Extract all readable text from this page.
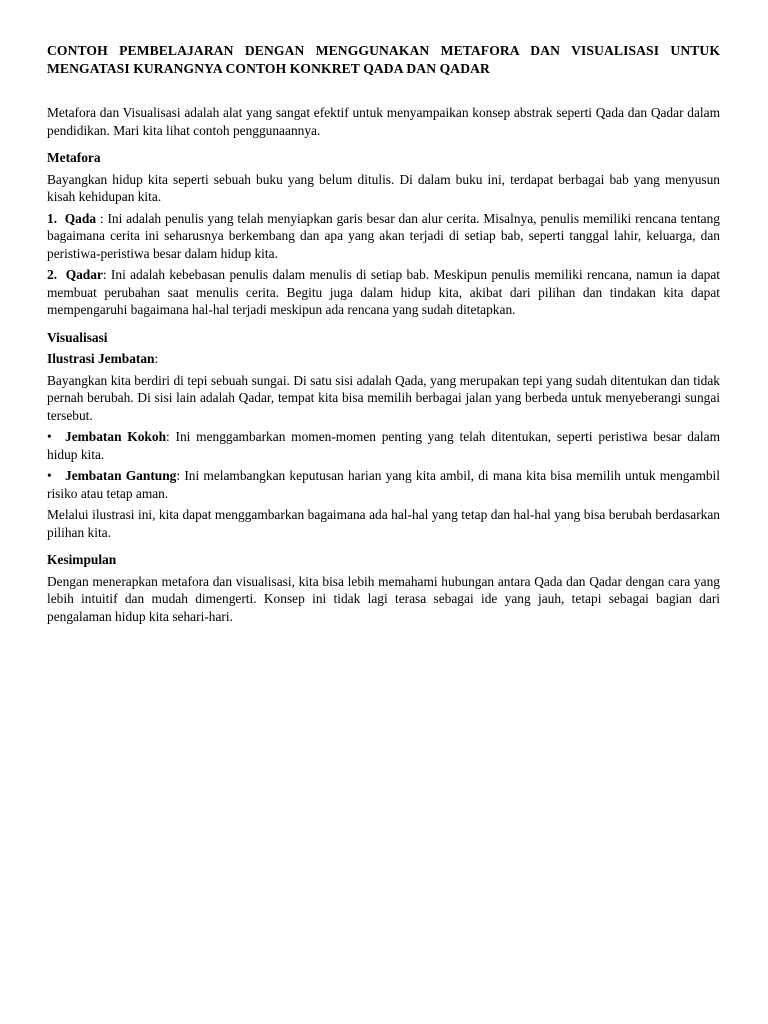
CONTOH PEMBELAJARAN DENGAN MENGGUNAKAN METAFORA DAN VISUALISASI UNTUK
MENGATASI KURANGNYA CONTOH KONKRET QADA DAN QADAR

Metafora dan Visualisasi adalah alat yang sangat efektif untuk menyampaikan konsep abstrak seperti Qada dan Qadar dalam pendidikan. Mari kita lihat contoh penggunaannya.

Metafora

Bayangkan hidup kita seperti sebuah buku yang belum ditulis. Di dalam buku ini, terdapat berbagai bab yang menyusun kisah kehidupan kita.

1. Qada : Ini adalah penulis yang telah menyiapkan garis besar dan alur cerita. Misalnya, penulis memiliki rencana tentang bagaimana cerita ini seharusnya berkembang dan apa yang akan terjadi di setiap bab, seperti tanggal lahir, keluarga, dan peristiwa-peristiwa besar dalam hidup kita.

2. Qadar: Ini adalah kebebasan penulis dalam menulis di setiap bab. Meskipun penulis memiliki rencana, namun ia dapat membuat perubahan saat menulis cerita. Begitu juga dalam hidup kita, akibat dari pilihan dan tindakan kita dapat mempengaruhi bagaimana hal-hal terjadi meskipun ada rencana yang sudah ditetapkan.

Visualisasi

Ilustrasi Jembatan:

Bayangkan kita berdiri di tepi sebuah sungai. Di satu sisi adalah Qada, yang merupakan tepi yang sudah ditentukan dan tidak pernah berubah. Di sisi lain adalah Qadar, tempat kita bisa memilih berbagai jalan yang berbeda untuk menyeberangi sungai tersebut.

• Jembatan Kokoh: Ini menggambarkan momen-momen penting yang telah ditentukan, seperti peristiwa besar dalam hidup kita.

• Jembatan Gantung: Ini melambangkan keputusan harian yang kita ambil, di mana kita bisa memilih untuk mengambil risiko atau tetap aman.

Melalui ilustrasi ini, kita dapat menggambarkan bagaimana ada hal-hal yang tetap dan hal-hal yang bisa berubah berdasarkan pilihan kita.

Kesimpulan

Dengan menerapkan metafora dan visualisasi, kita bisa lebih memahami hubungan antara Qada dan Qadar dengan cara yang lebih intuitif dan mudah dimengerti. Konsep ini tidak lagi terasa sebagai ide yang jauh, tetapi sebagai bagian dari pengalaman hidup kita sehari-hari.
